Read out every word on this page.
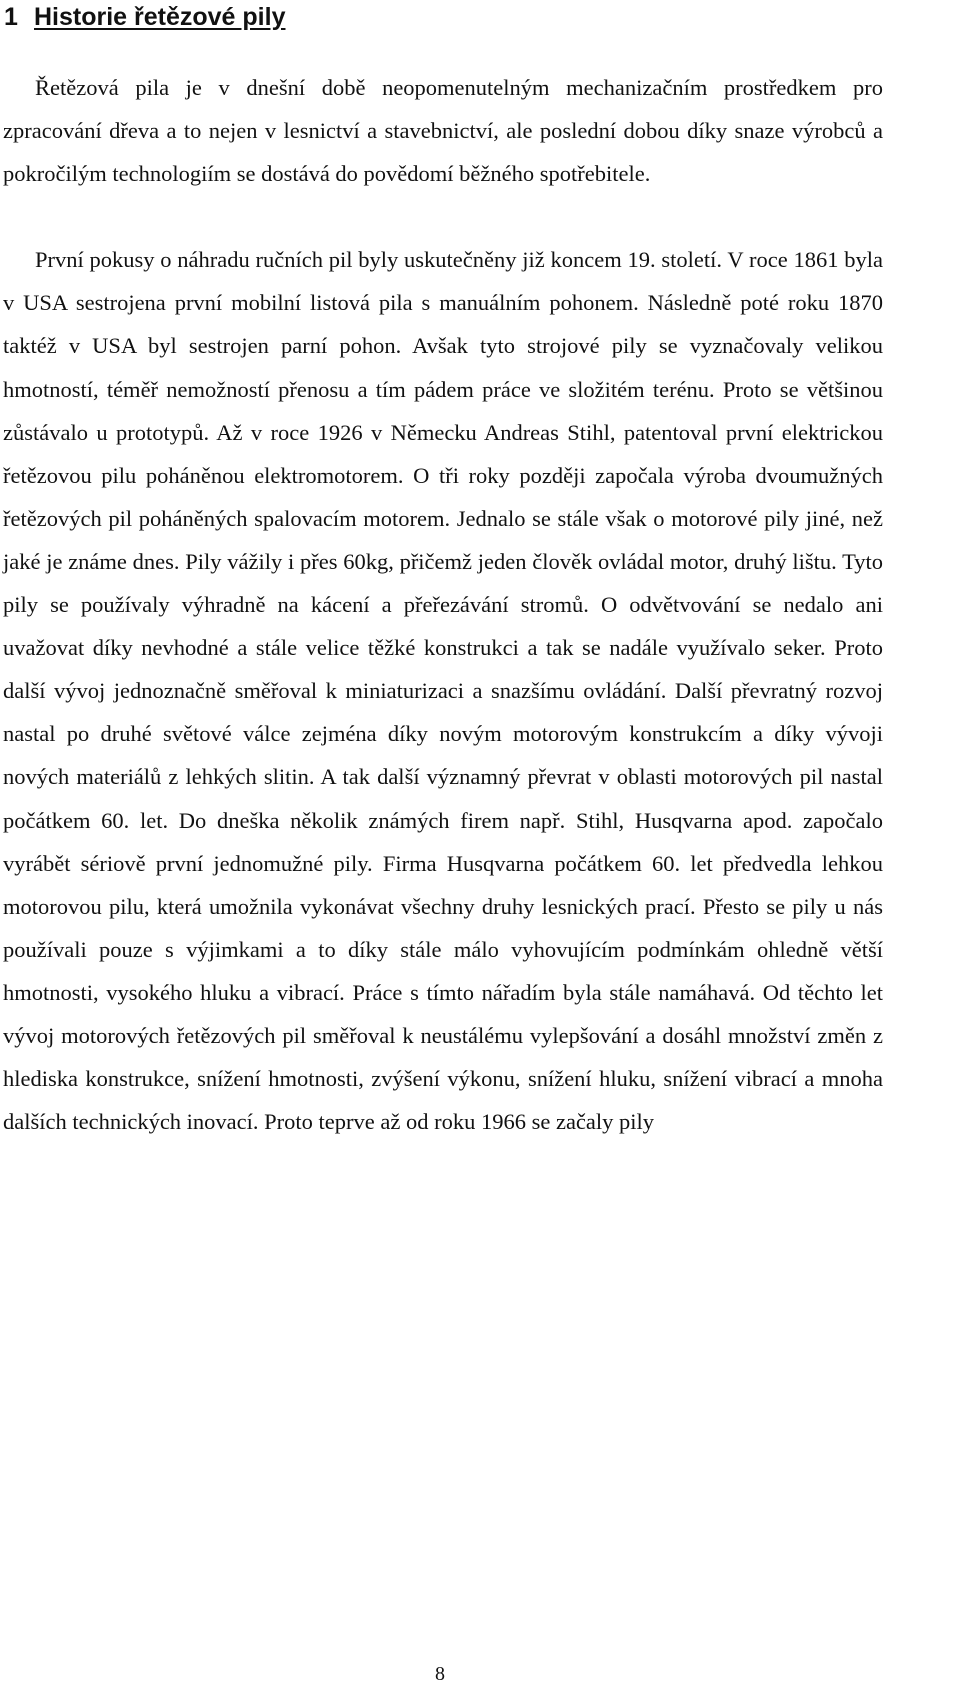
1 Historie řetězové pily

Řetězová pila je v dnešní době neopomenutelným mechanizačním prostředkem pro zpracování dřeva a to nejen v lesnictví a stavebnictví, ale poslední dobou díky snaze výrobců a pokročilým technologiím se dostává do povědomí běžného spotřebitele.

První pokusy o náhradu ručních pil byly uskutečněny již koncem 19. století. V roce 1861 byla v USA sestrojena první mobilní listová pila s manuálním pohonem. Následně poté roku 1870 taktéž v USA byl sestrojen parní pohon. Avšak tyto strojové pily se vyznačovaly velikou hmotností, téměř nemožností přenosu a tím pádem práce ve složitém terénu. Proto se většinou zůstávalo u prototypů. Až v roce 1926 v Německu Andreas Stihl, patentoval první elektrickou řetězovou pilu poháněnou elektromotorem. O tři roky později započala výroba dvoumužných řetězových pil poháněných spalovacím motorem. Jednalo se stále však o motorové pily jiné, než jaké je známe dnes. Pily vážily i přes 60kg, přičemž jeden člověk ovládal motor, druhý lištu. Tyto pily se používaly výhradně na kácení a přeřezávání stromů. O odvětvování se nedalo ani uvažovat díky nevhodné a stále velice těžké konstrukci a tak se nadále využívalo seker. Proto další vývoj jednoznačně směřoval k miniaturizaci a snazšímu ovládání. Další převratný rozvoj nastal po druhé světové válce zejména díky novým motorovým konstrukcím a díky vývoji nových materiálů z lehkých slitin. A tak další významný převrat v oblasti motorových pil nastal počátkem 60. let. Do dneška několik známých firem např. Stihl, Husqvarna apod. započalo vyrábět sériově první jednomužné pily. Firma Husqvarna počátkem 60. let předvedla lehkou motorovou pilu, která umožnila vykonávat všechny druhy lesnických prací. Přesto se pily u nás používali pouze s výjimkami a to díky stále málo vyhovujícím podmínkám ohledně větší hmotnosti, vysokého hluku a vibrací. Práce s tímto nářadím byla stále namáhavá. Od těchto let vývoj motorových řetězových pil směřoval k neustálému vylepšování a dosáhl množství změn z hlediska konstrukce, snížení hmotnosti, zvýšení výkonu, snížení hluku, snížení vibrací a mnoha dalších technických inovací. Proto teprve až od roku 1966 se začaly pily

8
